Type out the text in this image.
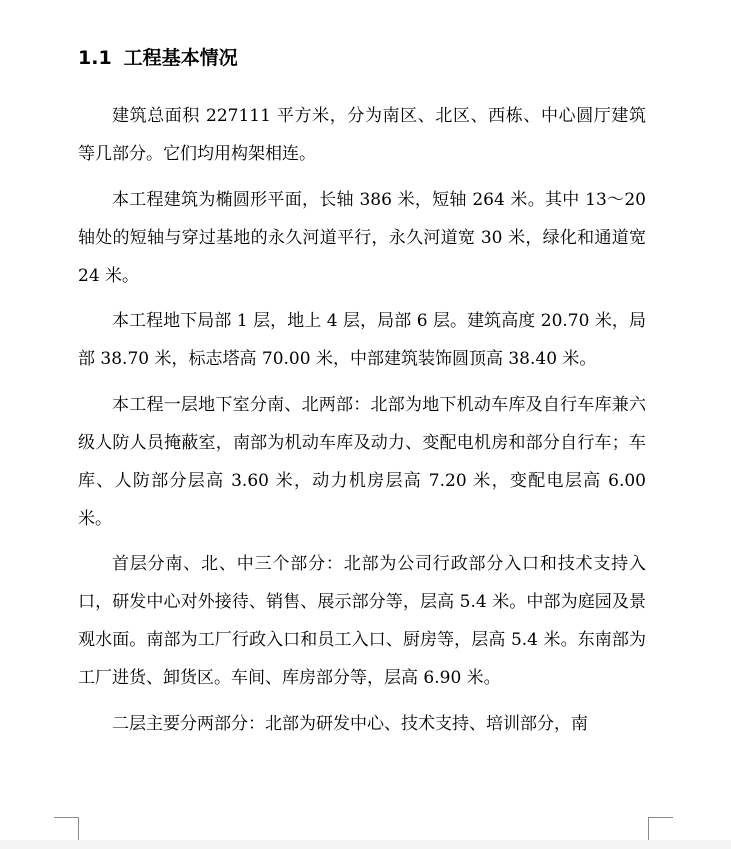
1.1 工程基本情况

建筑总面积 227111 平方米，分为南区、北区、西栋、中心圆厅建筑等几部分。它们均用构架相连。

本工程建筑为椭圆形平面，长轴 386 米，短轴 264 米。其中 13～20 轴处的短轴与穿过基地的永久河道平行，永久河道宽 30 米，绿化和通道宽 24 米。

本工程地下局部 1 层，地上 4 层，局部 6 层。建筑高度 20.70 米，局部 38.70 米，标志塔高 70.00 米，中部建筑装饰圆顶高 38.40 米。

本工程一层地下室分南、北两部：北部为地下机动车库及自行车库兼六级人防人员掩蔽室，南部为机动车库及动力、变配电机房和部分自行车；车库、人防部分层高 3.60 米，动力机房层高 7.20 米，变配电层高 6.00 米。

首层分南、北、中三个部分：北部为公司行政部分入口和技术支持入口，研发中心对外接待、销售、展示部分等，层高 5.4 米。中部为庭园及景观水面。南部为工厂行政入口和员工入口、厨房等，层高 5.4 米。东南部为工厂进货、卸货区。车间、库房部分等，层高 6.90 米。

二层主要分两部分：北部为研发中心、技术支持、培训部分，南
